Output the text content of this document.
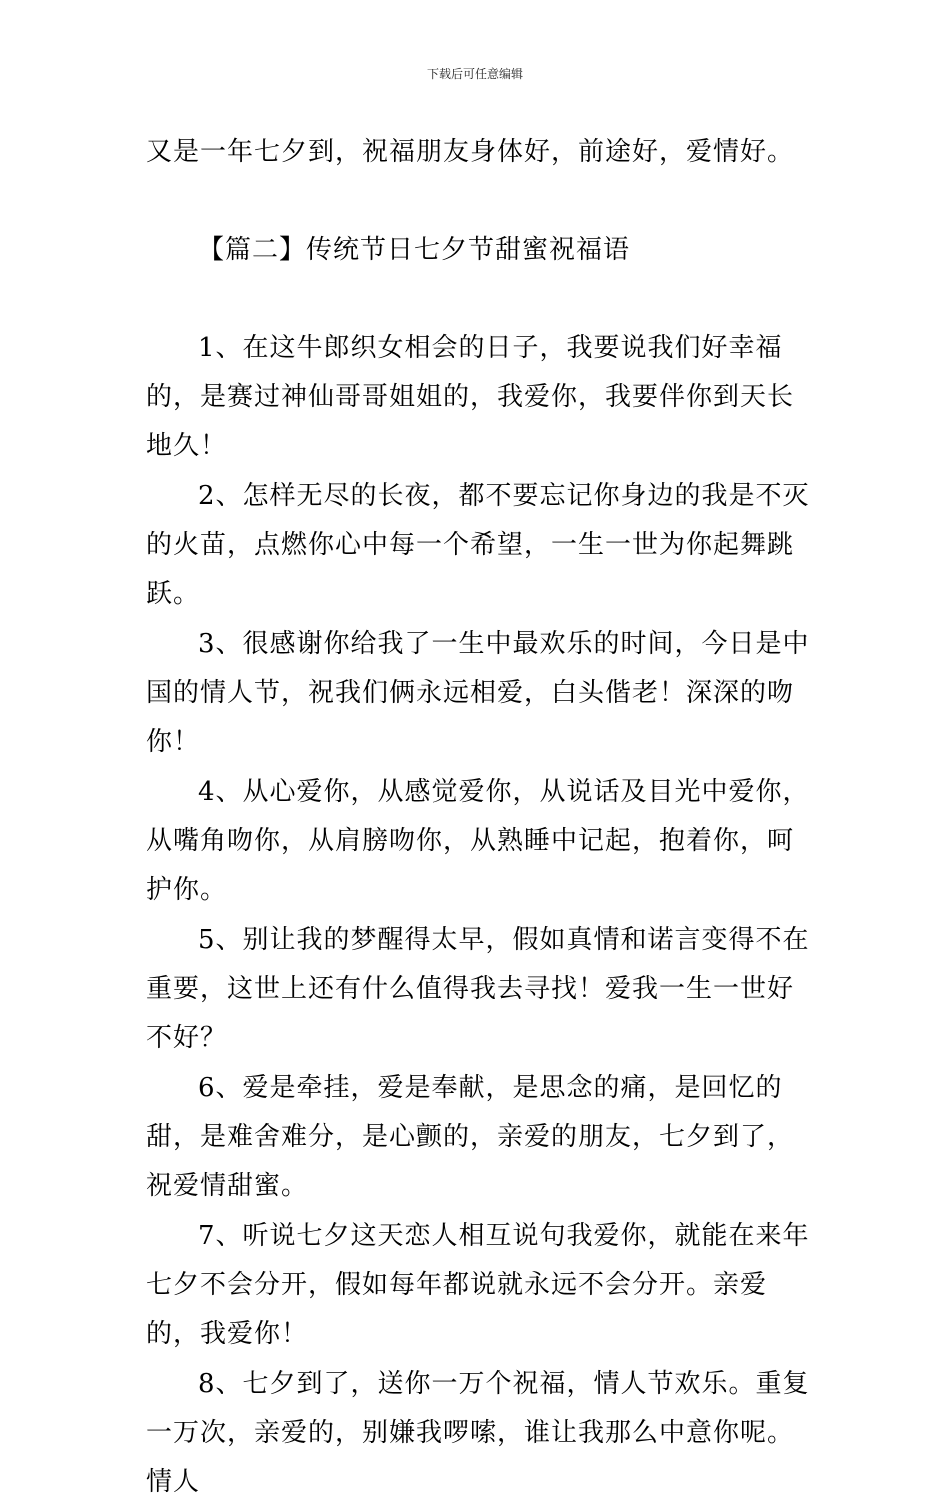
下载后可任意编辑

又是一年七夕到，祝福朋友身体好，前途好，爱情好。

【篇二】传统节日七夕节甜蜜祝福语

1、在这牛郎织女相会的日子，我要说我们好幸福的，是赛过神仙哥哥姐姐的，我爱你，我要伴你到天长地久！

2、怎样无尽的长夜，都不要忘记你身边的我是不灭的火苗，点燃你心中每一个希望，一生一世为你起舞跳跃。

3、很感谢你给我了一生中最欢乐的时间，今日是中国的情人节，祝我们俩永远相爱，白头偕老！深深的吻你！

4、从心爱你，从感觉爱你，从说话及目光中爱你，从嘴角吻你，从肩膀吻你，从熟睡中记起，抱着你，呵护你。

5、别让我的梦醒得太早，假如真情和诺言变得不在重要，这世上还有什么值得我去寻找！爱我一生一世好不好？

6、爱是牵挂，爱是奉献，是思念的痛，是回忆的甜，是难舍难分，是心颤的，亲爱的朋友，七夕到了，祝爱情甜蜜。

7、听说七夕这天恋人相互说句我爱你，就能在来年七夕不会分开，假如每年都说就永远不会分开。亲爱的，我爱你！

8、七夕到了，送你一万个祝福，情人节欢乐。重复一万次，亲爱的，别嫌我啰嗦，谁让我那么中意你呢。情人
